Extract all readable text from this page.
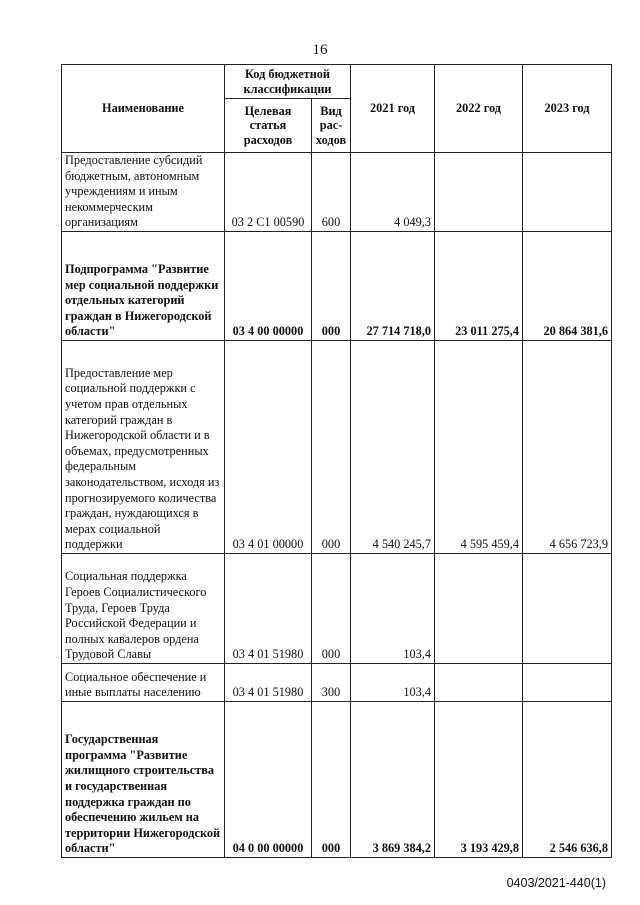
16
Наименование	Код бюджетной классификации		2021 год	2022 год	2023 год
	Целевая статья расходов	Вид рас-ходов			
Предоставление субсидий бюджетным, автономным учреждениям и иным некоммерческим организациям	03 2 C1 00590	600	4 049,3		
Подпрограмма "Развитие мер социальной поддержки отдельных категорий граждан в Нижегородской области"	03 4 00 00000	000	27 714 718,0	23 011 275,4	20 864 381,6
Предоставление мер социальной поддержки с учетом прав отдельных категорий граждан в Нижегородской области и в объемах, предусмотренных федеральным законодательством, исходя из прогнозируемого количества граждан, нуждающихся в мерах социальной поддержки	03 4 01 00000	000	4 540 245,7	4 595 459,4	4 656 723,9
Социальная поддержка Героев Социалистического Труда, Героев Труда Российской Федерации и полных кавалеров ордена Трудовой Славы	03 4 01 51980	000	103,4		
Социальное обеспечение и иные выплаты населению	03 4 01 51980	300	103,4		
Государственная программа "Развитие жилищного строительства и государственная поддержка граждан по обеспечению жильем на территории Нижегородской области"	04 0 00 00000	000	3 869 384,2	3 193 429,8	2 546 636,8
0403/2021-440(1)
